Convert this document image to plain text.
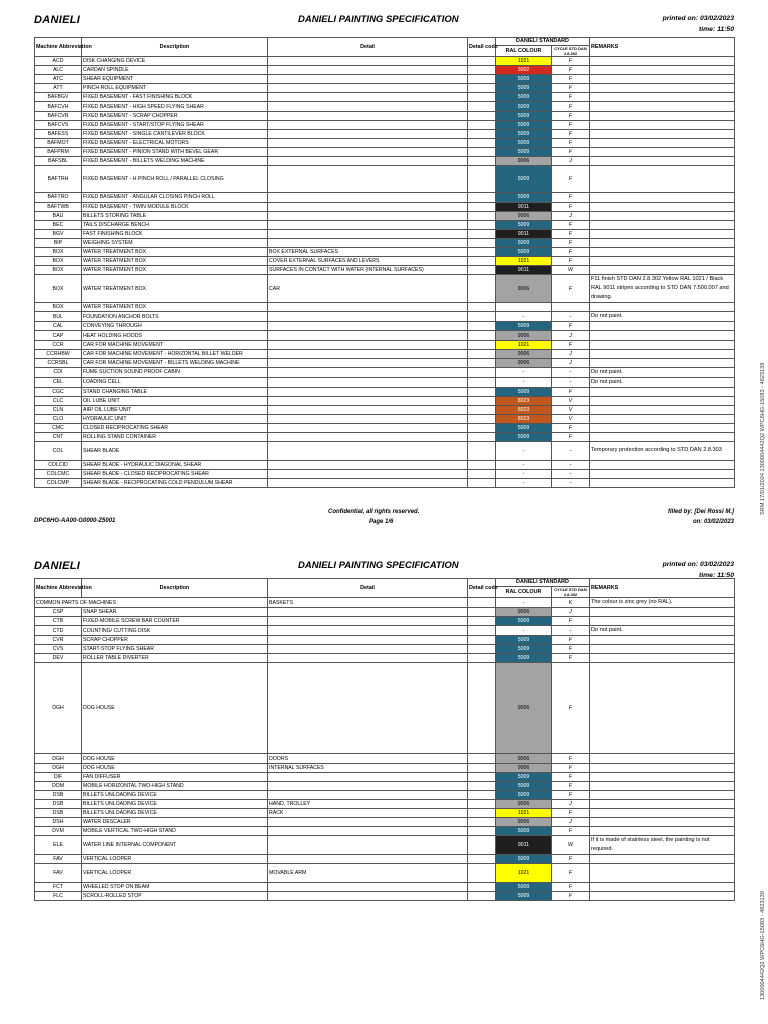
DANIELI	DANIELI PAINTING SPECIFICATION	printed on: 03/02/2023
time: 11:50
Machine Abbreviation	Description	Detail	Detail code	DANIELI STANDARD		REMARKS
				RAL COLOUR	CYCLE STD DAN 2.8.302	
ACD	DISK CHANGING DEVICE			1021	F	
ALC	CARDAN SPINDLE			3002	F	
ATC	SHEAR EQUIPMENT			5009	F	
ATT	PINCH ROLL EQUIPMENT			5009	F	
BAFBGV	FIXED BASEMENT - FAST FINISHING BLOCK			5009	F	
BAFCVH	FIXED BASEMENT - HIGH SPEED FLYING SHEAR			5009	F	
BAFCVR	FIXED BASEMENT - SCRAP CHOPPER			5009	F	
BAFCVS	FIXED BASEMENT - START/STOP FLYING SHEAR			5009	F	
BAFESS	FIXED BASEMENT - SINGLE CANTILEVER BLOCK			5009	F	
BAFMOT	FIXED BASEMENT - ELECTRICAL MOTORS			5009	F	
BAFPRM	FIXED BASEMENT - PINION STAND WITH BEVEL GEAR			5009	F	
BAFSBL	FIXED BASEMENT - BILLETS WELDING MACHINE			9006	J	
BAFTRH	FIXED BASEMENT - H PINCH ROLL / PARALLEL CLOSING			5009	F	
BAFTRO	FIXED BASEMENT - ANGULAR CLOSING PINCH ROLL			5009	F	
BAFTWB	FIXED BASEMENT - TWIN MODULE BLOCK			9011	F	
BAU	BILLETS STORING TABLE			9006	J	
BEC	TAILS DISCHARGE BENCH			5009	F	
BGV	FAST FINISHING BLOCK			9011	F	
BIP	WEIGHING SYSTEM			5009	F	
BOX	WATER TREATMENT BOX	BOX EXTERNAL SURFACES		5009	F	
BOX	WATER TREATMENT BOX	COVER EXTERNAL SURFACES AND LEVERS		1021	F	
BOX	WATER TREATMENT BOX	SURFACES IN CONTACT WITH WATER (INTERNAL SURFACES)		9011	W	
BOX	WATER TREATMENT BOX	CAR		9006	F	F11 finish STD DAN 2.8.302 Yellow RAL 1021 / Black RAL 9011 stripes according to STD DAN 7.500.007 and drawing.
BOX	WATER TREATMENT BOX					
BUL	FOUNDATION ANCHOR BOLTS			-	-	Do not paint.
CAL	CONVEYING THROUGH			5009	F	
CAP	HEAT HOLDING HOODS			9006	J	
CCR	CAR FOR MACHINE MOVEMENT			1021	F	
CCRHBW	CAR FOR MACHINE MOVEMENT - HORIZONTAL BILLET WELDER			9006	J	
CCRSBL	CAR FOR MACHINE MOVEMENT - BILLETS WELDING MACHINE			9006	J	
CDI	FUME SUCTION SOUND PROOF CABIN			-	-	Do not paint.
CEL	LOADING CELL			-	-	Do not paint.
CGC	STAND CHANGING TABLE			5009	F	
CLC	OIL LUBE UNIT			8023	V	
CLN	AIR/ OIL LUBE UNIT			8023	V	
CLO	HYDRAULIC UNIT			8023	V	
CMC	CLOSED RECIPROCATING SHEAR			5009	F	
CNT	ROLLING STAND CONTAINER			5009	F	
COL	SHEAR BLADE			-	-	Temporary protection according to STD DAN 2.8.303
COLCID	SHEAR BLADE - HYDRAULIC DIAGONAL SHEAR			-	-	
COLCMC	SHEAR BLADE - CLOSED RECIPROCATING SHEAR			-	-	
COLCMP	SHEAR BLADE - RECIPROCATING COLD PENDULUM SHEAR			-	-	
DPC6HG-AA00-G0000-Z5001
Confidential, all rights reserved.
Page 1/6
filled by: [Dei Rossi M.]
on: 03/02/2023
DANIELI	DANIELI PAINTING SPECIFICATION	printed on: 03/02/2023
time: 11:50
Machine Abbreviation	Description	Detail	Detail code	DANIELI STANDARD		REMARKS
				RAL COLOUR	CYCLE STD DAN 2.8.302	
COMMON PARTS OF MACHINES		BASKETS		-	K	The colour is zinc grey (no RAL).
CSP	SNAP SHEAR			9006	J	
CTB	FIXED-MOBILE SCREW BAR COUNTER			5009	F	
CTD	COUNTING/ CUTTING DISK			-	-	Do not paint.
CVR	SCRAP CHOPPER			5009	F	
CVS	START-STOP FLYING SHEAR			5009	F	
DEV	ROLLER TABLE DIVERTER			5009	F	
DGH	DOG HOUSE			9006	F	
DGH	DOG HOUSE	DOORS		9006	F	
DGH	DOG HOUSE	INTERNAL SURFACES		9006	F	
DIF	FAN DIFFUSER			5009	F	
DOM	MOBILE HORIZONTAL TWO-HIGH STAND			5009	F	
DSB	BILLETS UNLOADING DEVICE			5009	F	
DSB	BILLETS UNLOADING DEVICE	HAND, TROLLEY		9006	J	
DSB	BILLETS UNLOADING DEVICE	RACK		1021	F	
DSH	WATER DESCALER			9006	J	
DVM	MOBILE VERTICAL TWO-HIGH STAND			5009	F	
ELE	WATER LINE INTERNAL COMPONENT			9011	W	If it is made of stainless steel, the painting is not required.
FAV	VERTICAL LOOPER			5009	F	
FAV	VERTICAL LOOPER	MOVABLE ARM		1021	F	
FCT	WHEELED STOP ON BEAM			5009	F	
FLC	SCROLL-ROLLED STOP			5009	F	
SRM 17/01/2024 1300004442Q2 WPC6HG-15083 - 4823139
1300004442Q2 WPC6HG-15083 - 4823139
